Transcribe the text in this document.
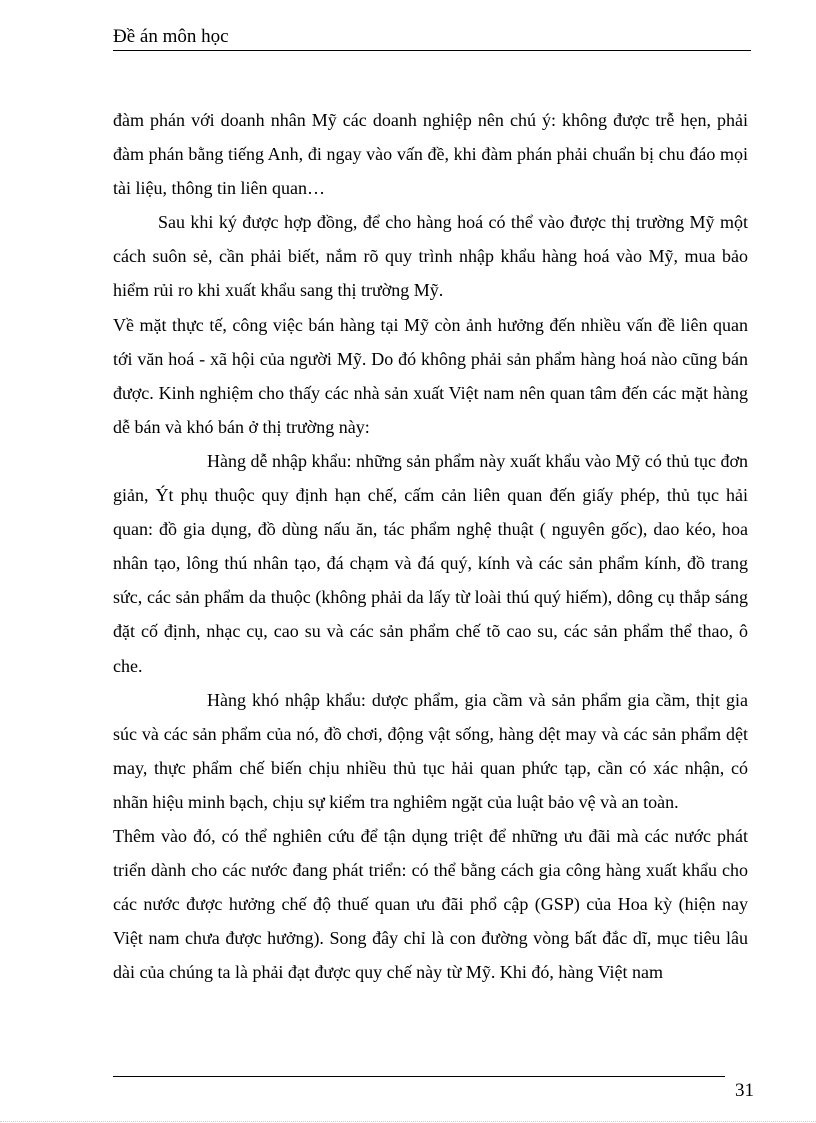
Đề án môn học

đàm phán với doanh nhân Mỹ các doanh nghiệp nên chú ý: không được trễ hẹn, phải đàm phán bằng tiếng Anh, đi ngay vào vấn đề, khi đàm phán phải chuẩn bị chu đáo mọi tài liệu, thông tin liên quan…

Sau khi ký được hợp đồng, để cho hàng hoá có thể vào được thị trường Mỹ một cách suôn sẻ, cần phải biết, nắm rõ quy trình nhập khẩu hàng hoá vào Mỹ, mua bảo hiểm rủi ro khi xuất khẩu sang thị trường Mỹ.

Về mặt thực tế, công việc bán hàng tại Mỹ còn ảnh hưởng đến nhiều vấn đề liên quan tới văn hoá - xã hội của người Mỹ. Do đó không phải sản phẩm hàng hoá nào cũng bán được. Kinh nghiệm cho thấy các nhà sản xuất Việt nam nên quan tâm đến các mặt hàng dễ bán và khó bán ở thị trường này:

Hàng dễ nhập khẩu: những sản phẩm này xuất khẩu vào Mỹ có thủ tục đơn giản, Ýt phụ thuộc quy định hạn chế, cấm cản liên quan đến giấy phép, thủ tục hải quan: đồ gia dụng, đồ dùng nấu ăn, tác phẩm nghệ thuật ( nguyên gốc), dao kéo, hoa nhân tạo, lông thú nhân tạo, đá chạm và đá quý, kính và các sản phẩm kính, đồ trang sức, các sản phẩm da thuộc (không phải da lấy từ loài thú quý hiếm), dông cụ thắp sáng đặt cố định, nhạc cụ, cao su và các sản phẩm chế tõ cao su, các sản phẩm thể thao, ô che.

Hàng khó nhập khẩu: dược phẩm, gia cầm và sản phẩm gia cầm, thịt gia súc và các sản phẩm của nó, đồ chơi, động vật sống, hàng dệt may và các sản phẩm dệt may, thực phẩm chế biến chịu nhiều thủ tục hải quan phức tạp, cần có xác nhận, có nhãn hiệu minh bạch, chịu sự kiểm tra nghiêm ngặt của luật bảo vệ và an toàn.

Thêm vào đó, có thể nghiên cứu để tận dụng triệt để những ưu đãi mà các nước phát triển dành cho các nước đang phát triển: có thể bằng cách gia công hàng xuất khẩu cho các nước được hưởng chế độ thuế quan ưu đãi phổ cập (GSP) của Hoa kỳ (hiện nay Việt nam chưa được hưởng). Song đây chỉ là con đường vòng bất đắc dĩ, mục tiêu lâu dài của chúng ta là phải đạt được quy chế này từ Mỹ. Khi đó, hàng Việt nam

31
